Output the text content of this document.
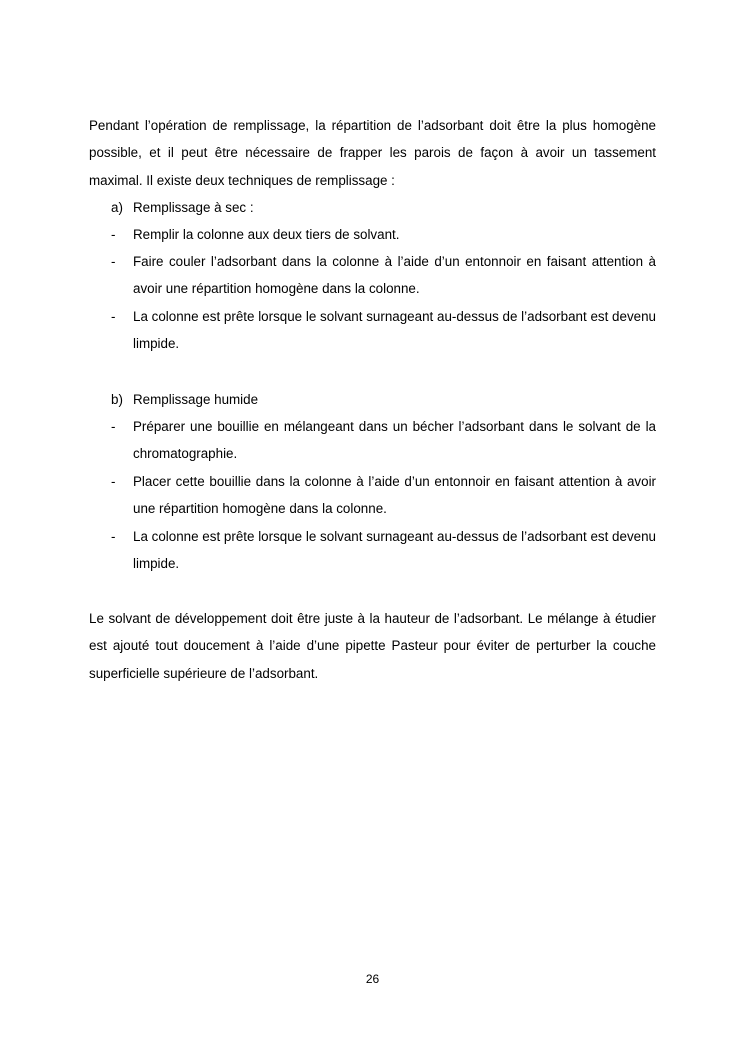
Pendant l’opération de remplissage, la répartition de l’adsorbant doit être la plus homogène possible, et il peut être nécessaire de frapper les parois de façon à avoir un tassement maximal. Il existe deux techniques de remplissage :

a) Remplissage à sec :
- Remplir la colonne aux deux tiers de solvant.
- Faire couler l’adsorbant dans la colonne à l’aide d’un entonnoir en faisant attention à avoir une répartition homogène dans la colonne.
- La colonne est prête lorsque le solvant surnageant au-dessus de l’adsorbant est devenu limpide.
b) Remplissage humide
- Préparer une bouillie en mélangeant dans un bécher l’adsorbant dans le solvant de la chromatographie.
- Placer cette bouillie dans la colonne à l’aide d’un entonnoir en faisant attention à avoir une répartition homogène dans la colonne.
- La colonne est prête lorsque le solvant surnageant au-dessus de l’adsorbant est devenu limpide.

Le solvant de développement doit être juste à la hauteur de l’adsorbant. Le mélange à étudier est ajouté tout doucement à l’aide d’une pipette Pasteur pour éviter de perturber la couche superficielle supérieure de l’adsorbant.

26
